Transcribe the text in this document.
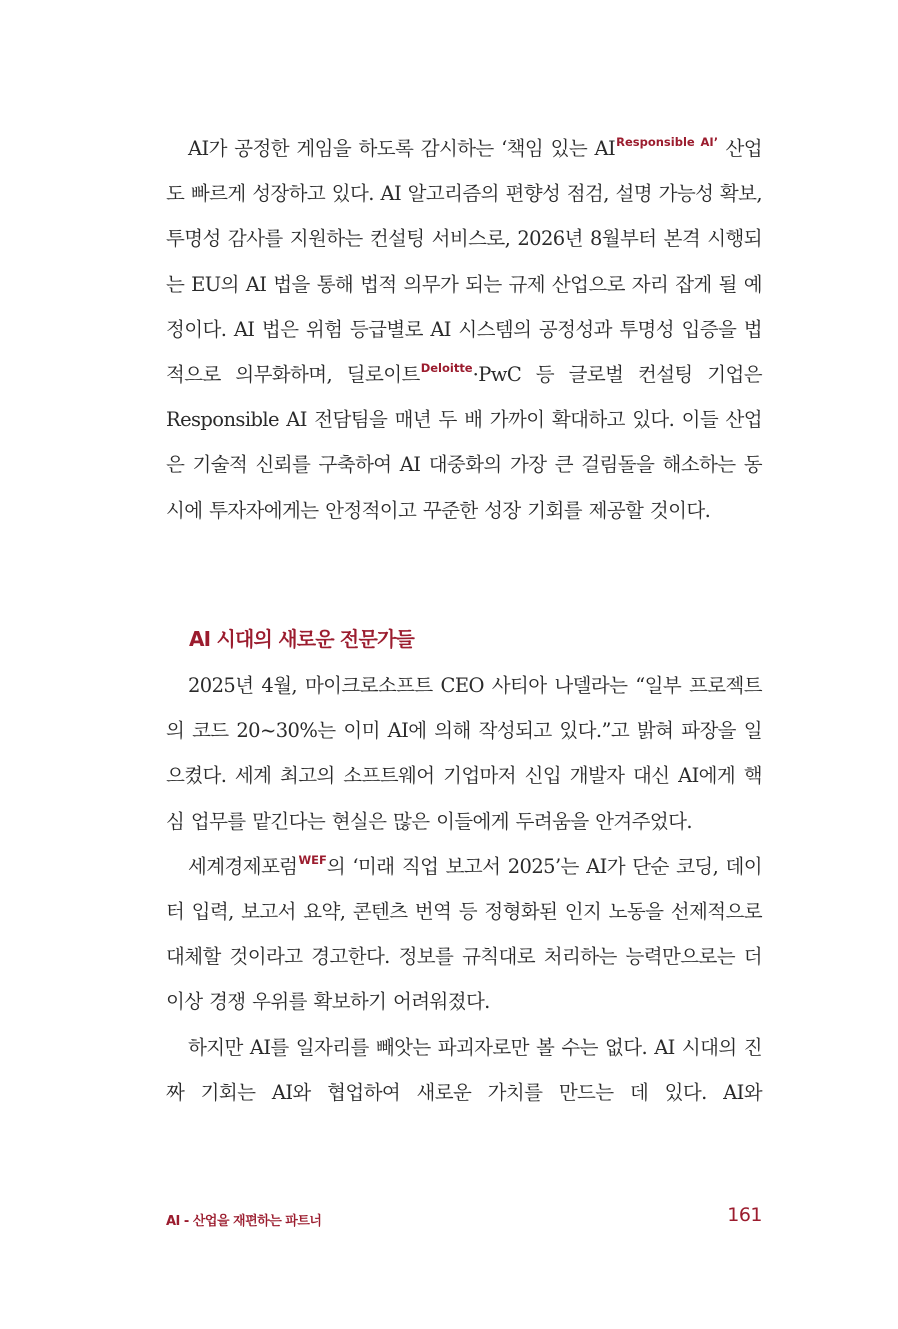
AI가 공정한 게임을 하도록 감시하는 ‘책임 있는 AI$^{Responsible AI’}$ 산업도 빠르게 성장하고 있다. AI 알고리즘의 편향성 점검, 설명 가능성 확보, 투명성 감사를 지원하는 컨설팅 서비스로, 2026년 8월부터 본격 시행되는 EU의 AI 법을 통해 법적 의무가 되는 규제 산업으로 자리 잡게 될 예정이다. AI 법은 위험 등급별로 AI 시스템의 공정성과 투명성 입증을 법적으로 의무화하며, 딜로이트$^{Deloitte}$·PwC 등 글로벌 컨설팅 기업은 Responsible AI 전담팀을 매년 두 배 가까이 확대하고 있다. 이들 산업은 기술적 신뢰를 구축하여 AI 대중화의 가장 큰 걸림돌을 해소하는 동시에 투자자에게는 안정적이고 꾸준한 성장 기회를 제공할 것이다.

AI 시대의 새로운 전문가들

2025년 4월, 마이크로소프트 CEO 사티아 나델라는 “일부 프로젝트의 코드 20~30%는 이미 AI에 의해 작성되고 있다.”고 밝혀 파장을 일으켰다. 세계 최고의 소프트웨어 기업마저 신입 개발자 대신 AI에게 핵심 업무를 맡긴다는 현실은 많은 이들에게 두려움을 안겨주었다.

세계경제포럼$^{WEF}$의 ‘미래 직업 보고서 2025’는 AI가 단순 코딩, 데이터 입력, 보고서 요약, 콘텐츠 번역 등 정형화된 인지 노동을 선제적으로 대체할 것이라고 경고한다. 정보를 규칙대로 처리하는 능력만으로는 더 이상 경쟁 우위를 확보하기 어려워졌다.

하지만 AI를 일자리를 빼앗는 파괴자로만 볼 수는 없다. AI 시대의 진짜 기회는 AI와 협업하여 새로운 가치를 만드는 데 있다. AI와

AI - 산업을 재편하는 파트너	161
